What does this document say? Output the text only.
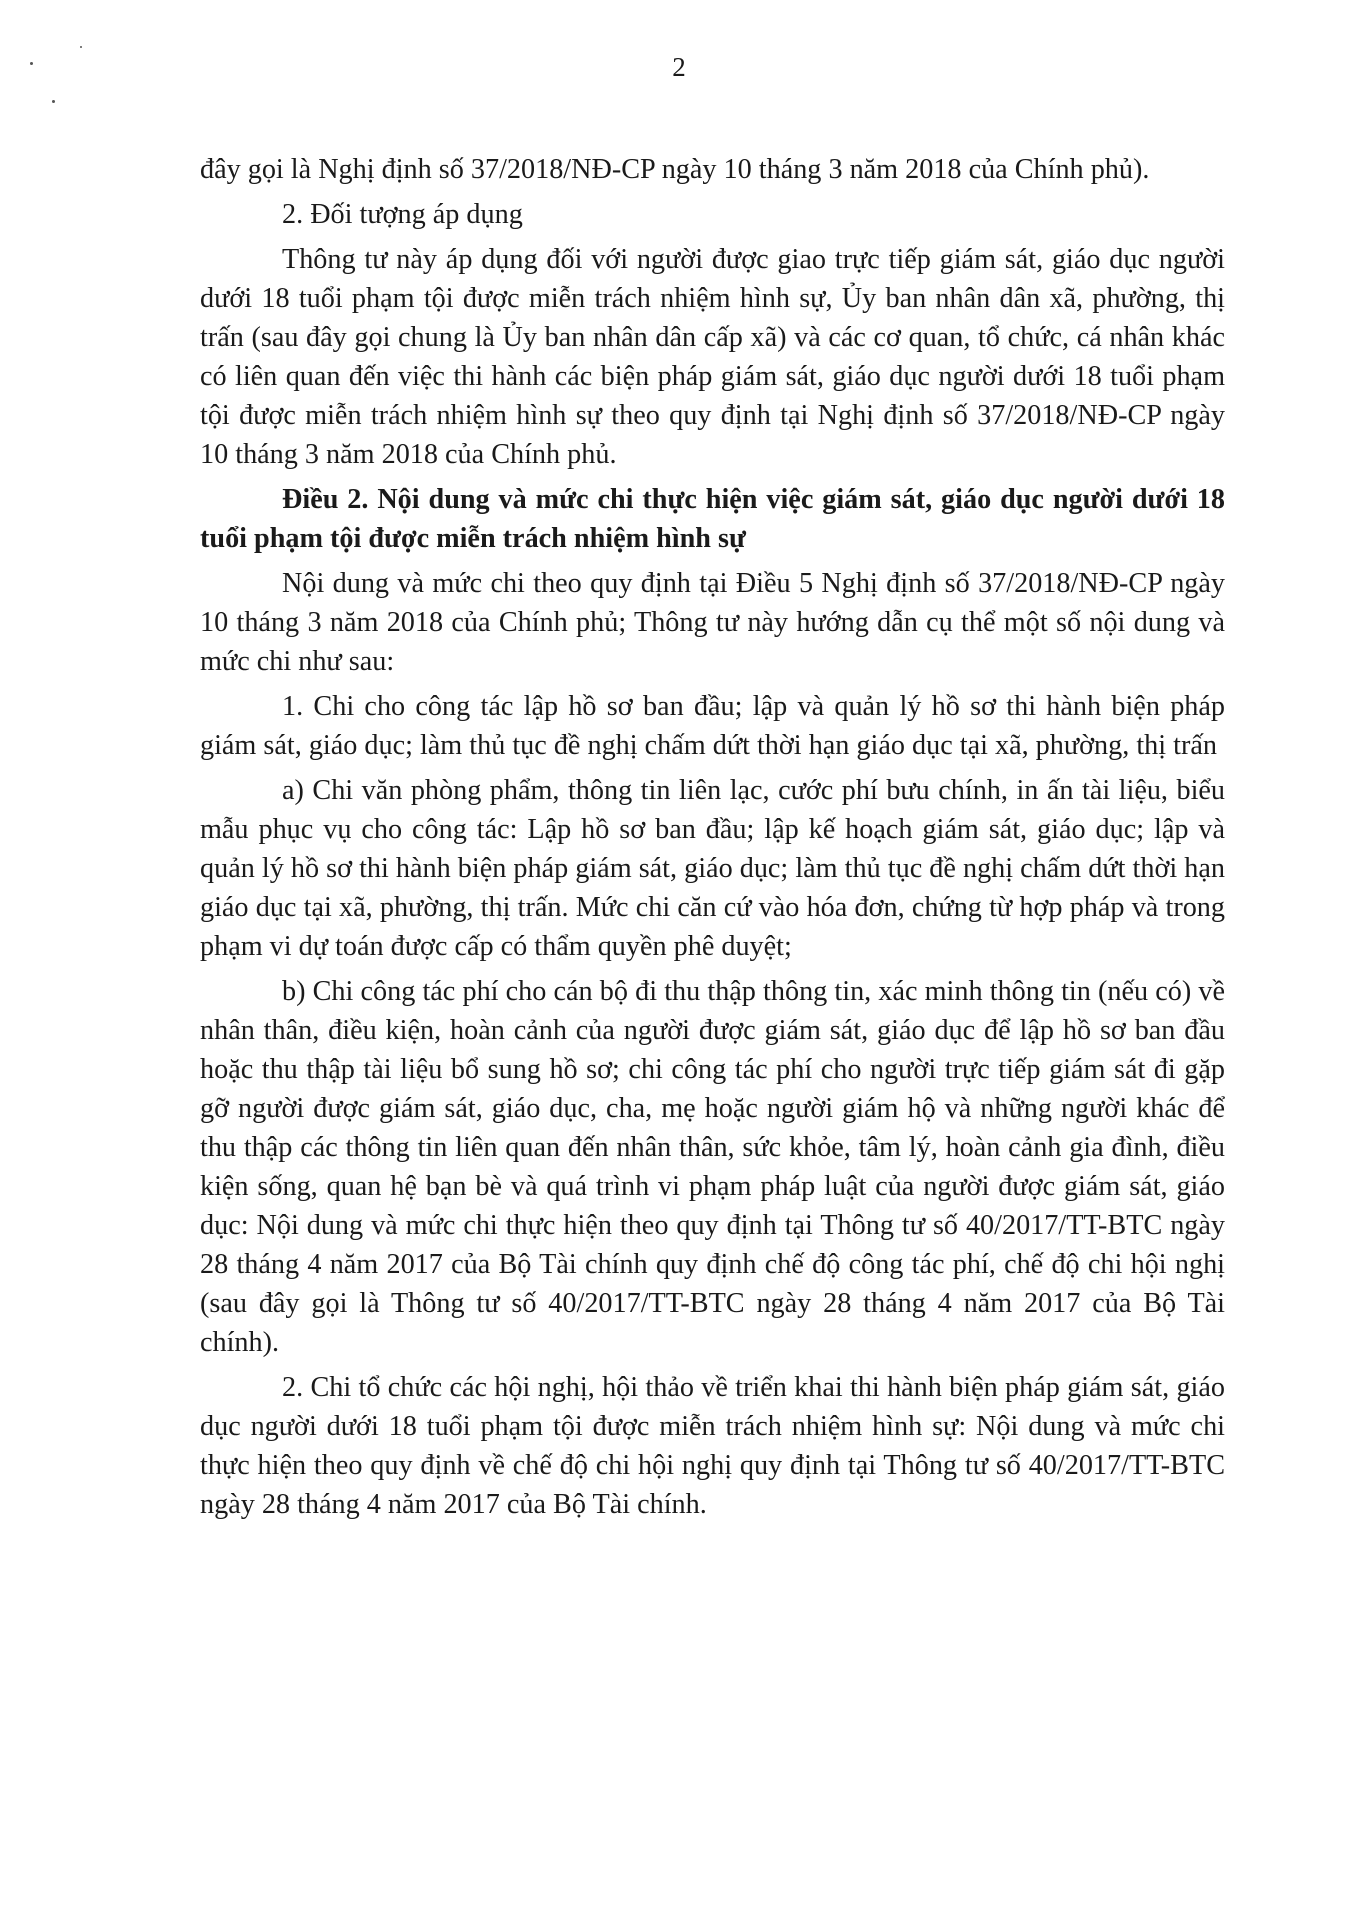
2

đây gọi là Nghị định số 37/2018/NĐ-CP ngày 10 tháng 3 năm 2018 của Chính phủ).

2. Đối tượng áp dụng

Thông tư này áp dụng đối với người được giao trực tiếp giám sát, giáo dục người dưới 18 tuổi phạm tội được miễn trách nhiệm hình sự, Ủy ban nhân dân xã, phường, thị trấn (sau đây gọi chung là Ủy ban nhân dân cấp xã) và các cơ quan, tổ chức, cá nhân khác có liên quan đến việc thi hành các biện pháp giám sát, giáo dục người dưới 18 tuổi phạm tội được miễn trách nhiệm hình sự theo quy định tại Nghị định số 37/2018/NĐ-CP ngày 10 tháng 3 năm 2018 của Chính phủ.

Điều 2. Nội dung và mức chi thực hiện việc giám sát, giáo dục người dưới 18 tuổi phạm tội được miễn trách nhiệm hình sự

Nội dung và mức chi theo quy định tại Điều 5 Nghị định số 37/2018/NĐ-CP ngày 10 tháng 3 năm 2018 của Chính phủ; Thông tư này hướng dẫn cụ thể một số nội dung và mức chi như sau:

1. Chi cho công tác lập hồ sơ ban đầu; lập và quản lý hồ sơ thi hành biện pháp giám sát, giáo dục; làm thủ tục đề nghị chấm dứt thời hạn giáo dục tại xã, phường, thị trấn

a) Chi văn phòng phẩm, thông tin liên lạc, cước phí bưu chính, in ấn tài liệu, biểu mẫu phục vụ cho công tác: Lập hồ sơ ban đầu; lập kế hoạch giám sát, giáo dục; lập và quản lý hồ sơ thi hành biện pháp giám sát, giáo dục; làm thủ tục đề nghị chấm dứt thời hạn giáo dục tại xã, phường, thị trấn. Mức chi căn cứ vào hóa đơn, chứng từ hợp pháp và trong phạm vi dự toán được cấp có thẩm quyền phê duyệt;

b) Chi công tác phí cho cán bộ đi thu thập thông tin, xác minh thông tin (nếu có) về nhân thân, điều kiện, hoàn cảnh của người được giám sát, giáo dục để lập hồ sơ ban đầu hoặc thu thập tài liệu bổ sung hồ sơ; chi công tác phí cho người trực tiếp giám sát đi gặp gỡ người được giám sát, giáo dục, cha, mẹ hoặc người giám hộ và những người khác để thu thập các thông tin liên quan đến nhân thân, sức khỏe, tâm lý, hoàn cảnh gia đình, điều kiện sống, quan hệ bạn bè và quá trình vi phạm pháp luật của người được giám sát, giáo dục: Nội dung và mức chi thực hiện theo quy định tại Thông tư số 40/2017/TT-BTC ngày 28 tháng 4 năm 2017 của Bộ Tài chính quy định chế độ công tác phí, chế độ chi hội nghị (sau đây gọi là Thông tư số 40/2017/TT-BTC ngày 28 tháng 4 năm 2017 của Bộ Tài chính).

2. Chi tổ chức các hội nghị, hội thảo về triển khai thi hành biện pháp giám sát, giáo dục người dưới 18 tuổi phạm tội được miễn trách nhiệm hình sự: Nội dung và mức chi thực hiện theo quy định về chế độ chi hội nghị quy định tại Thông tư số 40/2017/TT-BTC ngày 28 tháng 4 năm 2017 của Bộ Tài chính.
